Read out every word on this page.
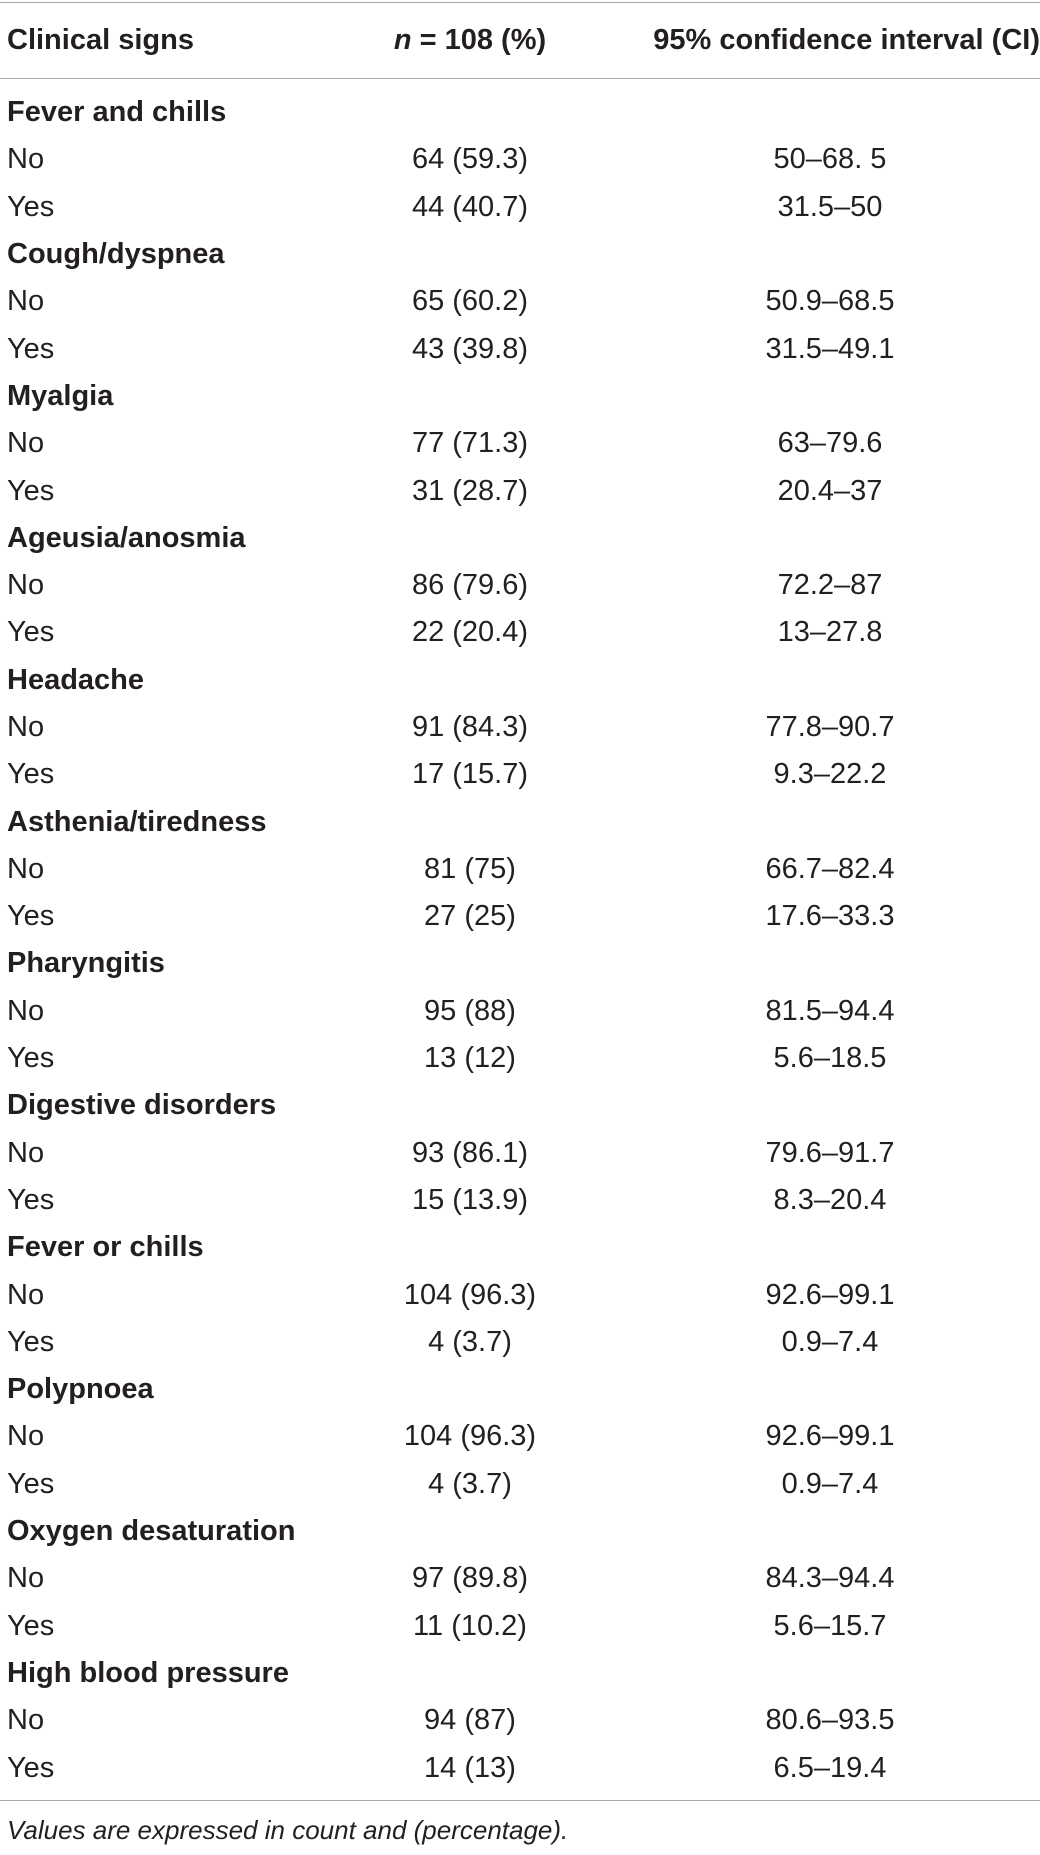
Clinical signs	n = 108 (%)	95% confidence interval (CI)
Fever and chills
No	64 (59.3)	50–68. 5
Yes	44 (40.7)	31.5–50
Cough/dyspnea
No	65 (60.2)	50.9–68.5
Yes	43 (39.8)	31.5–49.1
Myalgia
No	77 (71.3)	63–79.6
Yes	31 (28.7)	20.4–37
Ageusia/anosmia
No	86 (79.6)	72.2–87
Yes	22 (20.4)	13–27.8
Headache
No	91 (84.3)	77.8–90.7
Yes	17 (15.7)	9.3–22.2
Asthenia/tiredness
No	81 (75)	66.7–82.4
Yes	27 (25)	17.6–33.3
Pharyngitis
No	95 (88)	81.5–94.4
Yes	13 (12)	5.6–18.5
Digestive disorders
No	93 (86.1)	79.6–91.7
Yes	15 (13.9)	8.3–20.4
Fever or chills
No	104 (96.3)	92.6–99.1
Yes	4 (3.7)	0.9–7.4
Polypnoea
No	104 (96.3)	92.6–99.1
Yes	4 (3.7)	0.9–7.4
Oxygen desaturation
No	97 (89.8)	84.3–94.4
Yes	11 (10.2)	5.6–15.7
High blood pressure
No	94 (87)	80.6–93.5
Yes	14 (13)	6.5–19.4
Values are expressed in count and (percentage).
